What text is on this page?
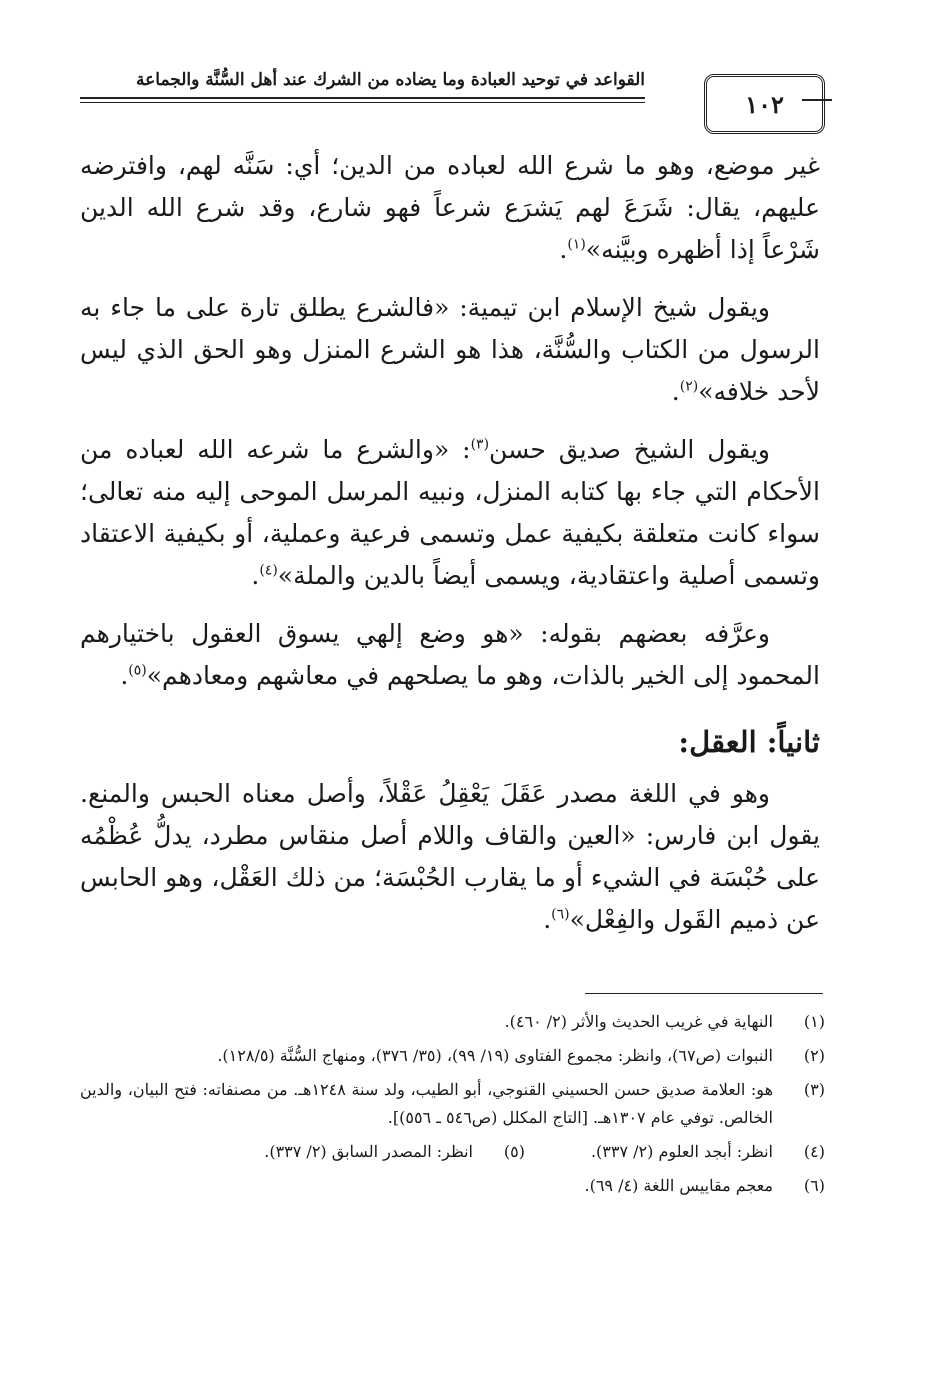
١٠٢
القواعد في توحيد العبادة وما يضاده من الشرك عند أهل السُّنَّة والجماعة

غير موضع، وهو ما شرع الله لعباده من الدين؛ أي: سَنَّه لهم، وافترضه عليهم، يقال: شَرَعَ لهم يَشرَع شرعاً فهو شارع، وقد شرع الله الدين شَرْعاً إذا أظهره وبيَّنه»$^{(١)}$.

ويقول شيخ الإسلام ابن تيمية: «فالشرع يطلق تارة على ما جاء به الرسول من الكتاب والسُّنَّة، هذا هو الشرع المنزل وهو الحق الذي ليس لأحد خلافه»$^{(٢)}$.

ويقول الشيخ صديق حسن$^{(٣)}$: «والشرع ما شرعه الله لعباده من الأحكام التي جاء بها كتابه المنزل، ونبيه المرسل الموحى إليه منه تعالى؛ سواء كانت متعلقة بكيفية عمل وتسمى فرعية وعملية، أو بكيفية الاعتقاد وتسمى أصلية واعتقادية، ويسمى أيضاً بالدين والملة»$^{(٤)}$.

وعرَّفه بعضهم بقوله: «هو وضع إلهي يسوق العقول باختيارهم المحمود إلى الخير بالذات، وهو ما يصلحهم في معاشهم ومعادهم»$^{(٥)}$.

ثانياً: العقل:

وهو في اللغة مصدر عَقَلَ يَعْقِلُ عَقْلاً، وأصل معناه الحبس والمنع. يقول ابن فارس: «العين والقاف واللام أصل منقاس مطرد، يدلُّ عُظْمُه على حُبْسَة في الشيء أو ما يقارب الحُبْسَة؛ من ذلك العَقْل، وهو الحابس عن ذميم القَول والفِعْل»$^{(٦)}$.

(١)
النهاية في غريب الحديث والأثر (٢/ ٤٦٠).
(٢)
النبوات (ص٦٧)، وانظر: مجموع الفتاوى (١٩/ ٩٩)، (٣٥/ ٣٧٦)، ومنهاج السُّنَّة (١٢٨/٥).
(٣)
هو: العلامة صديق حسن الحسيني القنوجي، أبو الطيب، ولد سنة ١٢٤٨هـ. من مصنفاته: فتح البيان، والدين الخالص. توفي عام ١٣٠٧هـ. [التاج المكلل (ص٥٤٦ ـ ٥٥٦)].
(٤)
انظر: أبجد العلوم (٢/ ٣٣٧).
(٥)
انظر: المصدر السابق (٢/ ٣٣٧).
(٦)
معجم مقاييس اللغة (٤/ ٦٩).
